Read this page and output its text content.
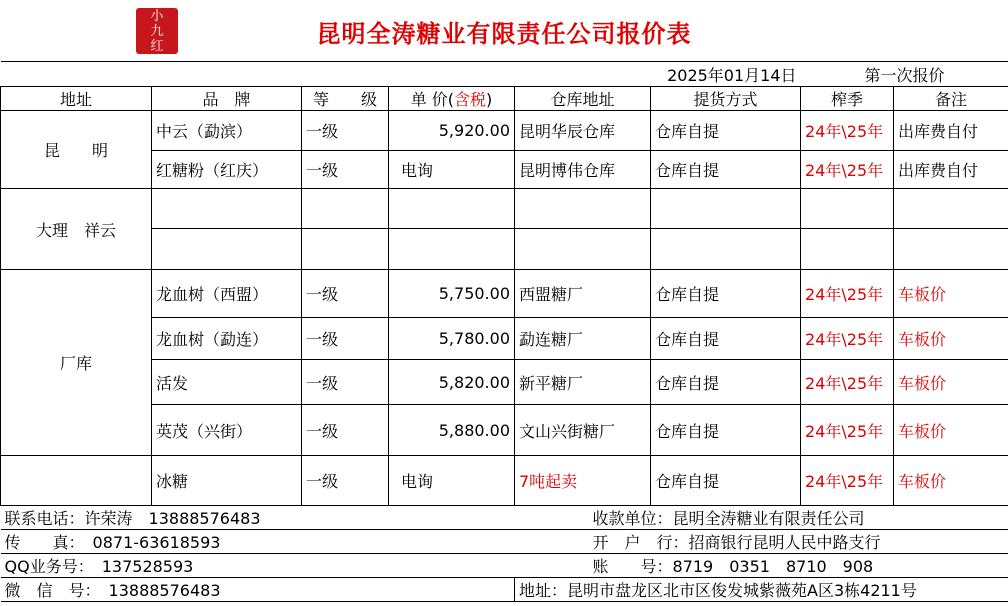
小
九
红	昆明全涛糖业有限责任公司报价表
					2025年01月14日	第一次报价	
地址	品　牌	等　　级	单 价(含税)	仓库地址	提货方式	榨季	备注
昆　　明	中云（勐滨）	一级	5,920.00	昆明华辰仓库	仓库自提	24年\25年	出库费自付
	红糖粉（红庆）	一级	电询	昆明博伟仓库	仓库自提	24年\25年	出库费自付
大理　祥云							

厂库	龙血树（西盟）	一级	5,750.00	西盟糖厂	仓库自提	24年\25年	车板价
	龙血树（勐连）	一级	5,780.00	勐连糖厂	仓库自提	24年\25年	车板价
	活发	一级	5,820.00	新平糖厂	仓库自提	24年\25年	车板价
	英茂（兴街）	一级	5,880.00	文山兴街糖厂	仓库自提	24年\25年	车板价
	冰糖	一级	电询	7吨起卖	仓库自提	24年\25年	车板价
联系电话：许荣涛　 13888576483				收款单位：昆明全涛糖业有限责任公司			
传　　真：　 0871-63618593				开　户　行：招商银行昆明人民中路支行			
QQ业务号：　 137528593				账　　号：8719　0351　8710　908			
微　信　号：　 13888576483				地址：昆明市盘龙区北市区俊发城紫薇苑A区3栋4211号			
